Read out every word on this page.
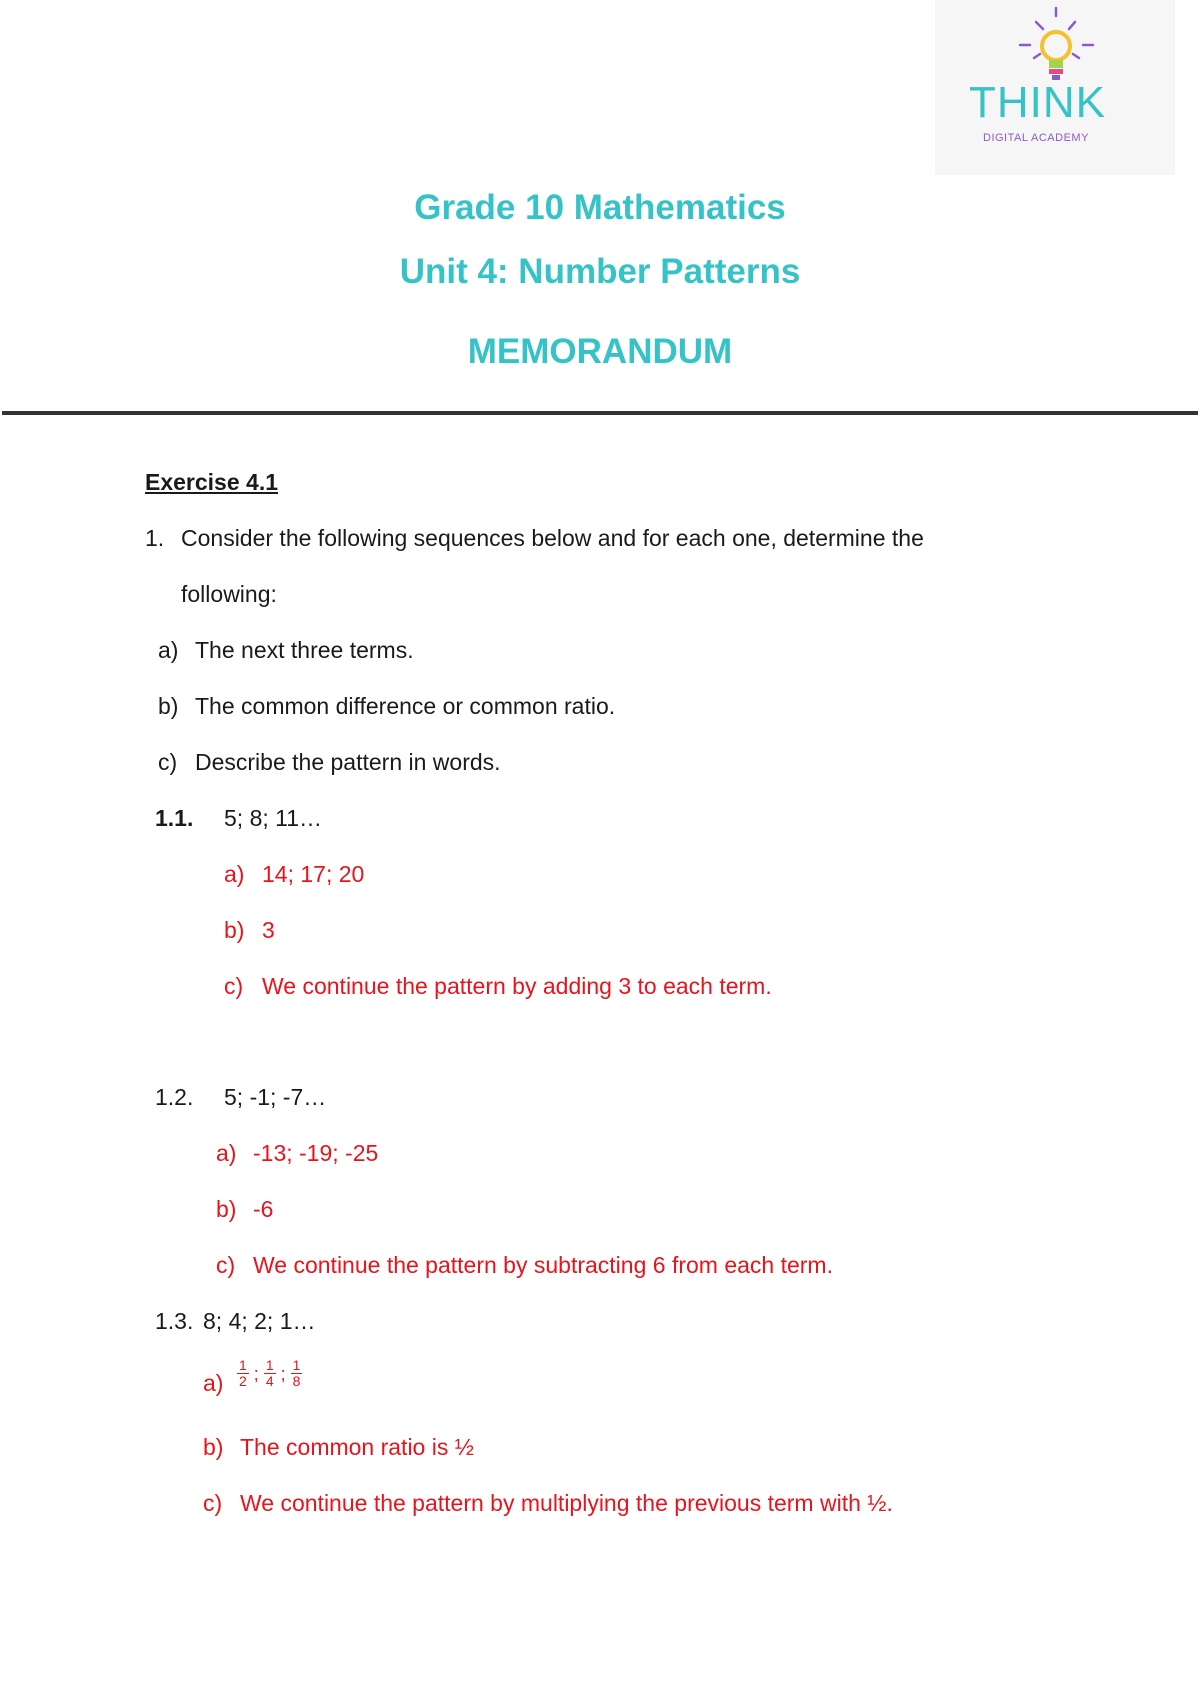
THINK
DIGITAL ACADEMY
Grade 10 Mathematics
Unit 4: Number Patterns
MEMORANDUM
Exercise 4.1
1. Consider the following sequences below and for each one, determine the
following:
a) The next three terms.
b) The common difference or common ratio.
c) Describe the pattern in words.
1.1. 5; 8; 11…
a) 14; 17; 20
b) 3
c) We continue the pattern by adding 3 to each term.
1.2. 5; -1; -7…
a) -13; -19; -25
b) -6
c) We continue the pattern by subtracting 6 from each term.
1.3. 8; 4; 2; 1…
$a) \frac{1}{2}$ ; $\frac{1}{4}$ ; $\frac{1}{8}$
b) The common ratio is ½
c) We continue the pattern by multiplying the previous term with ½.
